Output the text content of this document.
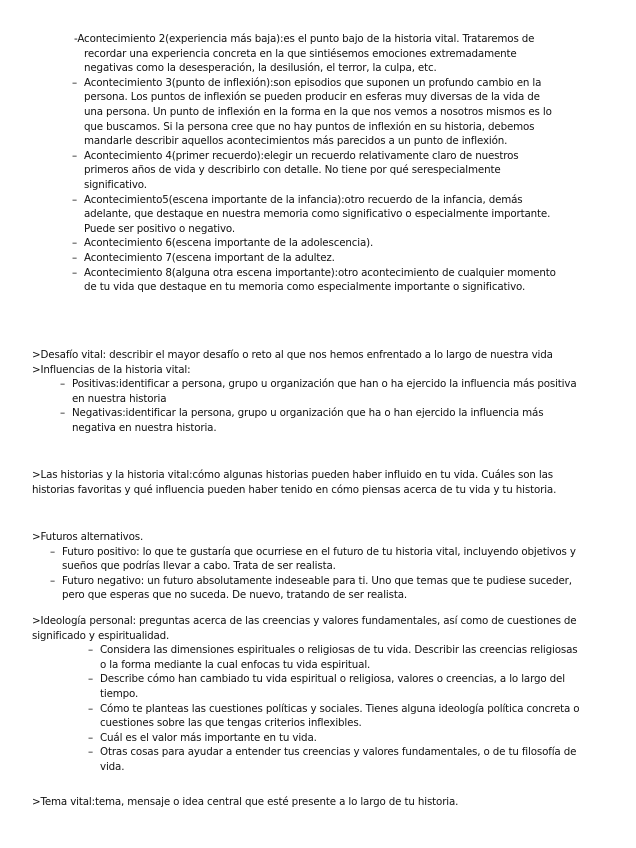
-Acontecimiento 2(experiencia más baja):es el punto bajo de la historia vital. Trataremos de recordar una experiencia concreta en la que sintiésemos emociones extremadamente negativas como la desesperación, la desilusión, el terror, la culpa, etc.
– Acontecimiento 3(punto de inflexión):son episodios que suponen un profundo cambio en la persona. Los puntos de inflexión se pueden producir en esferas muy diversas de la vida de una persona. Un punto de inflexión en la forma en la que nos vemos a nosotros mismos es lo que buscamos. Si la persona cree que no hay puntos de inflexión en su historia, debemos mandarle describir aquellos acontecimientos más parecidos a un punto de inflexión.
– Acontecimiento 4(primer recuerdo):elegir un recuerdo relativamente claro de nuestros primeros años de vida y describirlo con detalle. No tiene por qué serespecialmente significativo.
– Acontecimiento5(escena importante de la infancia):otro recuerdo de la infancia, demás adelante, que destaque en nuestra memoria como significativo o especialmente importante. Puede ser positivo o negativo.
– Acontecimiento 6(escena importante de la adolescencia).
– Acontecimiento 7(escena important de la adultez.
– Acontecimiento 8(alguna otra escena importante):otro acontecimiento de cualquier momento de tu vida que destaque en tu memoria como especialmente importante o significativo.

>Desafío vital: describir el mayor desafío o reto al que nos hemos enfrentado a lo largo de nuestra vida

>Influencias de la historia vital:

– Positivas:identificar a persona, grupo u organización que han o ha ejercido la influencia más positiva en nuestra historia
– Negativas:identificar la persona, grupo u organización que ha o han ejercido la influencia más negativa en nuestra historia.

>Las historias y la historia vital:cómo algunas historias pueden haber influido en tu vida. Cuáles son las historias favoritas y qué influencia pueden haber tenido en cómo piensas acerca de tu vida y tu historia.

>Futuros alternativos.

– Futuro positivo: lo que te gustaría que ocurriese en el futuro de tu historia vital, incluyendo objetivos y sueños que podrías llevar a cabo. Trata de ser realista.
– Futuro negativo: un futuro absolutamente indeseable para ti. Uno que temas que te pudiese suceder, pero que esperas que no suceda. De nuevo, tratando de ser realista.

>Ideología personal: preguntas acerca de las creencias y valores fundamentales, así como de cuestiones de significado y espiritualidad.

– Considera las dimensiones espirituales o religiosas de tu vida. Describir las creencias religiosas o la forma mediante la cual enfocas tu vida espiritual.
– Describe cómo han cambiado tu vida espiritual o religiosa, valores o creencias, a lo largo del tiempo.
– Cómo te planteas las cuestiones políticas y sociales. Tienes alguna ideología política concreta o cuestiones sobre las que tengas criterios inflexibles.
– Cuál es el valor más importante en tu vida.
– Otras cosas para ayudar a entender tus creencias y valores fundamentales, o de tu filosofía de vida.

>Tema vital:tema, mensaje o idea central que esté presente a lo largo de tu historia.
